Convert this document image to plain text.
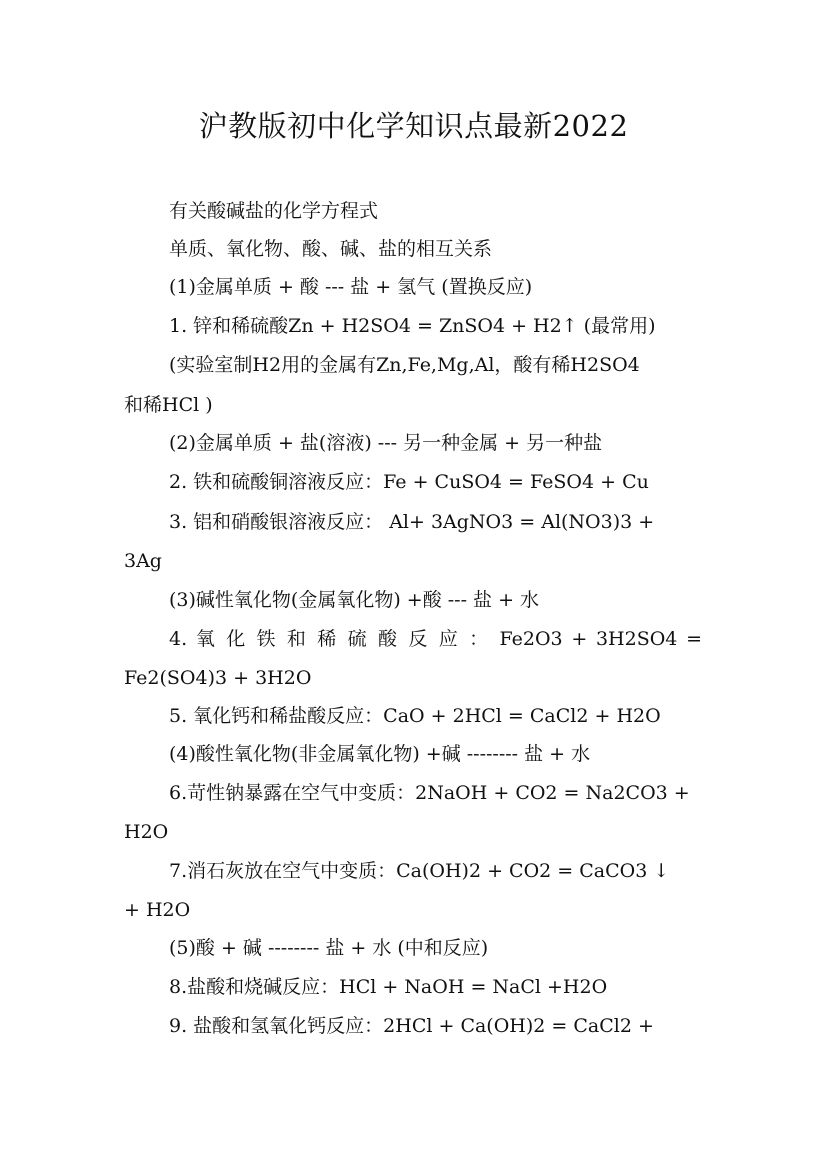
沪教版初中化学知识点最新2022
有关酸碱盐的化学方程式
单质、氧化物、酸、碱、盐的相互关系
(1)金属单质 + 酸 --- 盐 + 氢气 (置换反应)
1. 锌和稀硫酸Zn + H2SO4 = ZnSO4 + H2↑ (最常用)
(实验室制H2用的金属有Zn,Fe,Mg,Al，酸有稀H2SO4
和稀HCl )
(2)金属单质 + 盐(溶液) --- 另一种金属 + 另一种盐
2. 铁和硫酸铜溶液反应：Fe + CuSO4 = FeSO4 + Cu
3. 铝和硝酸银溶液反应： Al+ 3AgNO3 = Al(NO3)3 +
3Ag
(3)碱性氧化物(金属氧化物) +酸 --- 盐 + 水
4. 氧 化 铁 和 稀 硫 酸 反 应 ： Fe2O3 + 3H2SO4 =
Fe2(SO4)3 + 3H2O
5. 氧化钙和稀盐酸反应：CaO + 2HCl = CaCl2 + H2O
(4)酸性氧化物(非金属氧化物) +碱 -------- 盐 + 水
6.苛性钠暴露在空气中变质：2NaOH + CO2 = Na2CO3 +
H2O
7.消石灰放在空气中变质：Ca(OH)2 + CO2 = CaCO3 ↓
+ H2O
(5)酸 + 碱 -------- 盐 + 水 (中和反应)
8.盐酸和烧碱反应：HCl + NaOH = NaCl +H2O
9. 盐酸和氢氧化钙反应：2HCl + Ca(OH)2 = CaCl2 +
